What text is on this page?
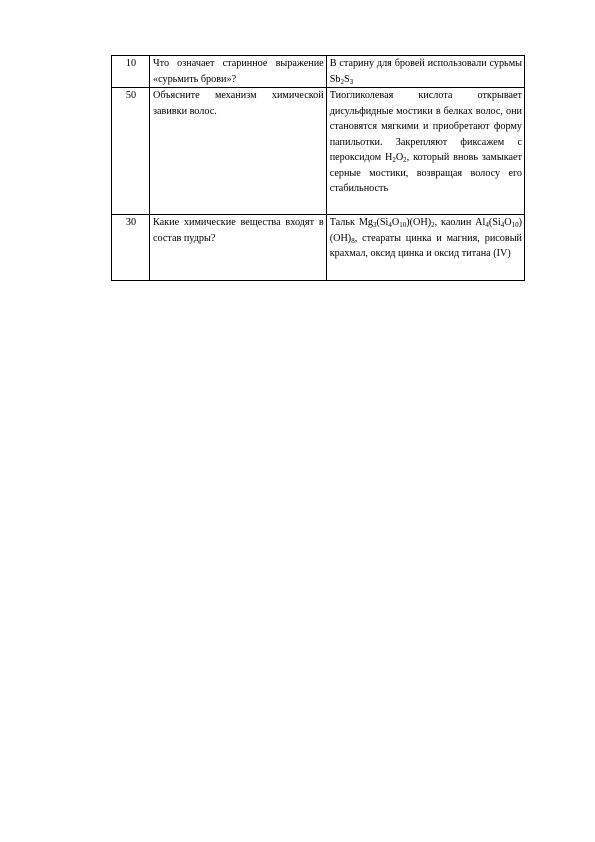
10	Что означает старинное выражение «сурьмить брови»?	В старину для бровей использовали сурьмы $Sb_2S_3$
50	Объясните механизм химической завивки волос.	Тиогликолевая кислота открывает дисульфидные мостики в белках волос, они становятся мягкими и приобретают форму папильотки. Закрепляют фиксажем с пероксидом $H_2O_2$, который вновь замыкает серные мостики, возвращая волосу его стабильность
30	Какие химические вещества входят в состав пудры?	Тальк $Mg_3(Si_4O_{10})(OH)_2$, каолин $Al_4(Si_4O_{10})(OH)_8$, стеараты цинка и магния, рисовый крахмал, оксид цинка и оксид титана (IV)
